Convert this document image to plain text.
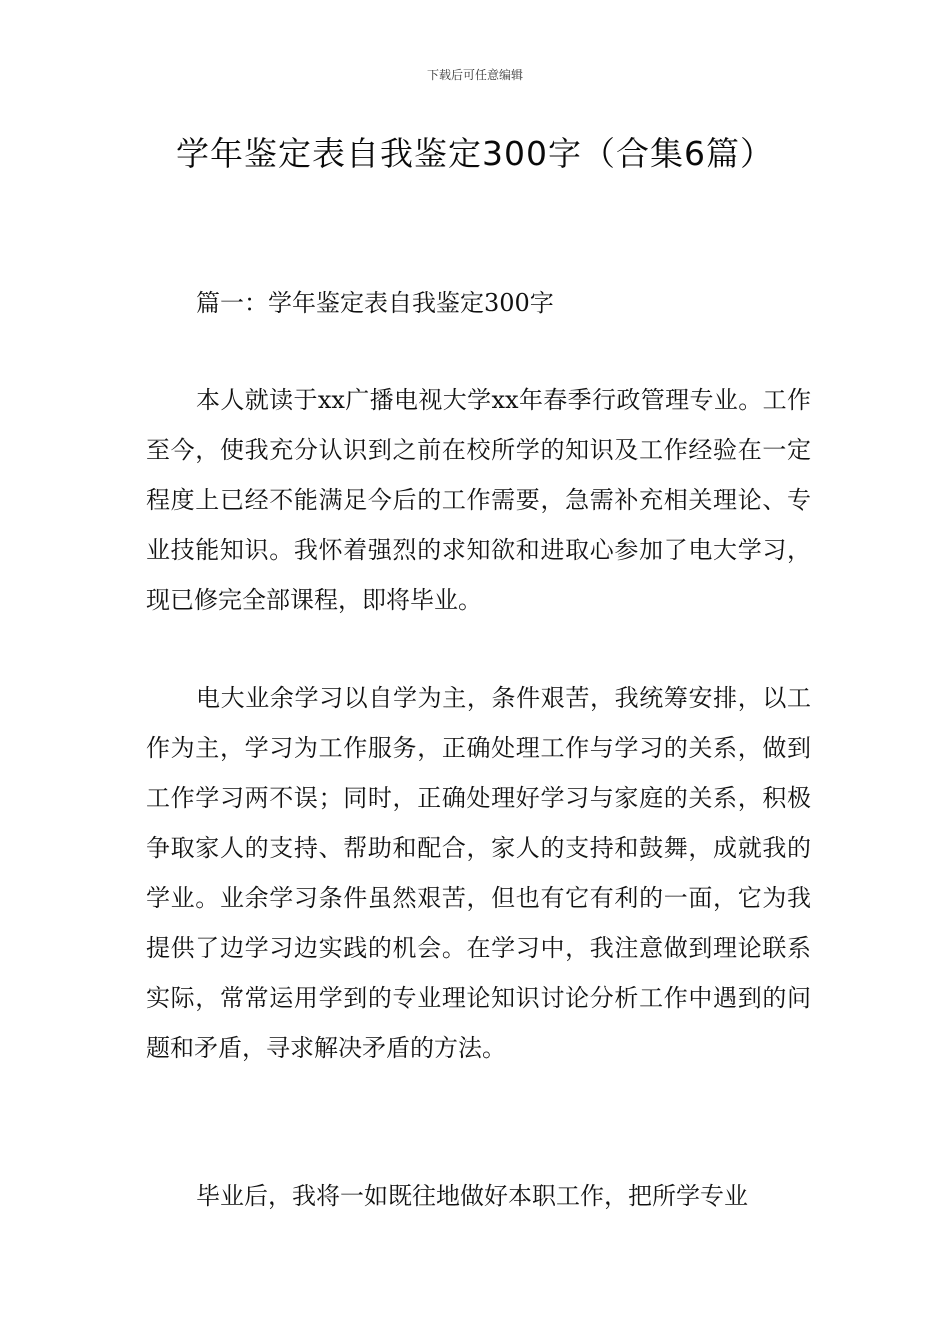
下载后可任意编辑
学年鉴定表自我鉴定300字（合集6篇）
篇一：学年鉴定表自我鉴定300字

本人就读于xx广播电视大学xx年春季行政管理专业。工作至今，使我充分认识到之前在校所学的知识及工作经验在一定程度上已经不能满足今后的工作需要，急需补充相关理论、专业技能知识。我怀着强烈的求知欲和进取心参加了电大学习，现已修完全部课程，即将毕业。

电大业余学习以自学为主，条件艰苦，我统筹安排，以工作为主，学习为工作服务，正确处理工作与学习的关系，做到工作学习两不误；同时，正确处理好学习与家庭的关系，积极争取家人的支持、帮助和配合，家人的支持和鼓舞，成就我的学业。业余学习条件虽然艰苦，但也有它有利的一面，它为我提供了边学习边实践的机会。在学习中，我注意做到理论联系实际，常常运用学到的专业理论知识讨论分析工作中遇到的问题和矛盾，寻求解决矛盾的方法。

毕业后，我将一如既往地做好本职工作，把所学专业
